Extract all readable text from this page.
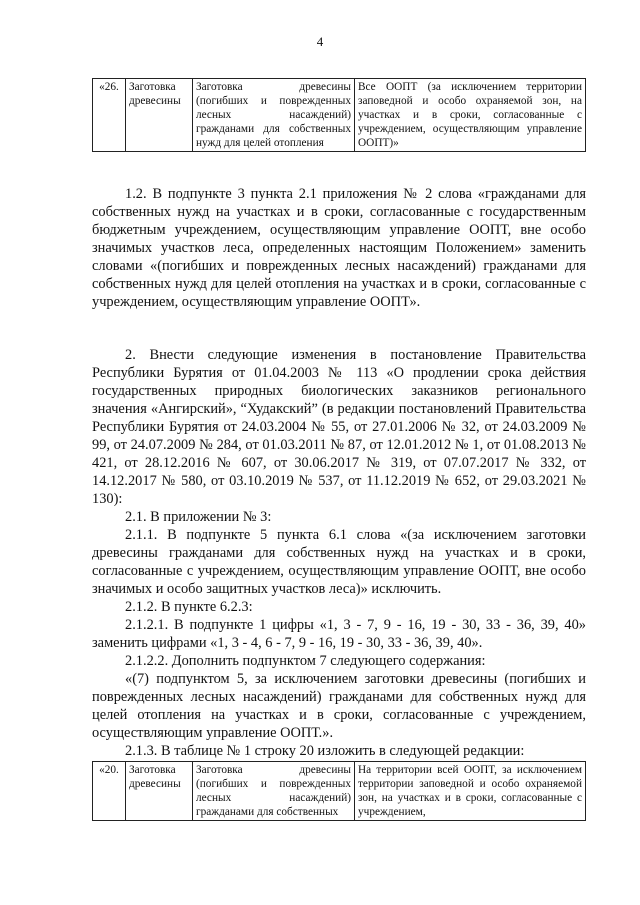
4
«26.	Заготовка древесины	Заготовка древесины (погибших и поврежденных лесных насаждений) гражданами для собственных нужд для целей отопления	Все ООПТ (за исключением территории заповедной и особо охраняемой зон, на участках и в сроки, согласованные с учреждением, осуществляющим управление ООПТ)»

1.2. В подпункте 3 пункта 2.1 приложения № 2 слова «гражданами для собственных нужд на участках и в сроки, согласованные с государственным бюджетным учреждением, осуществляющим управление ООПТ, вне особо значимых участков леса, определенных настоящим Положением» заменить словами «(погибших и поврежденных лесных насаждений) гражданами для собственных нужд для целей отопления на участках и в сроки, согласованные с учреждением, осуществляющим управление ООПТ».

2. Внести следующие изменения в постановление Правительства Республики Бурятия от 01.04.2003 № 113 «О продлении срока действия государственных природных биологических заказников регионального значения «Ангирский», “Худакский” (в редакции постановлений Правительства Республики Бурятия от 24.03.2004 № 55, от 27.01.2006 № 32, от 24.03.2009 № 99, от 24.07.2009 № 284, от 01.03.2011 № 87, от 12.01.2012 № 1, от 01.08.2013 № 421, от 28.12.2016 № 607, от 30.06.2017 № 319, от 07.07.2017 № 332, от 14.12.2017 № 580, от 03.10.2019 № 537, от 11.12.2019 № 652, от 29.03.2021 № 130):

2.1. В приложении № 3:

2.1.1. В подпункте 5 пункта 6.1 слова «(за исключением заготовки древесины гражданами для собственных нужд на участках и в сроки, согласованные с учреждением, осуществляющим управление ООПТ, вне особо значимых и особо защитных участков леса)» исключить.

2.1.2. В пункте 6.2.3:

2.1.2.1. В подпункте 1 цифры «1, 3 - 7, 9 - 16, 19 - 30, 33 - 36, 39, 40» заменить цифрами «1, 3 - 4, 6 - 7, 9 - 16, 19 - 30, 33 - 36, 39, 40».

2.1.2.2. Дополнить подпунктом 7 следующего содержания:

«(7) подпунктом 5, за исключением заготовки древесины (погибших и поврежденных лесных насаждений) гражданами для собственных нужд для целей отопления на участках и в сроки, согласованные с учреждением, осуществляющим управление ООПТ.».

2.1.3. В таблице № 1 строку 20 изложить в следующей редакции:

«20.	Заготовка древесины	Заготовка древесины (погибших и поврежденных лесных насаждений) гражданами для собственных	На территории всей ООПТ, за исключением территории заповедной и особо охраняемой зон, на участках и в сроки, согласованные с учреждением,
